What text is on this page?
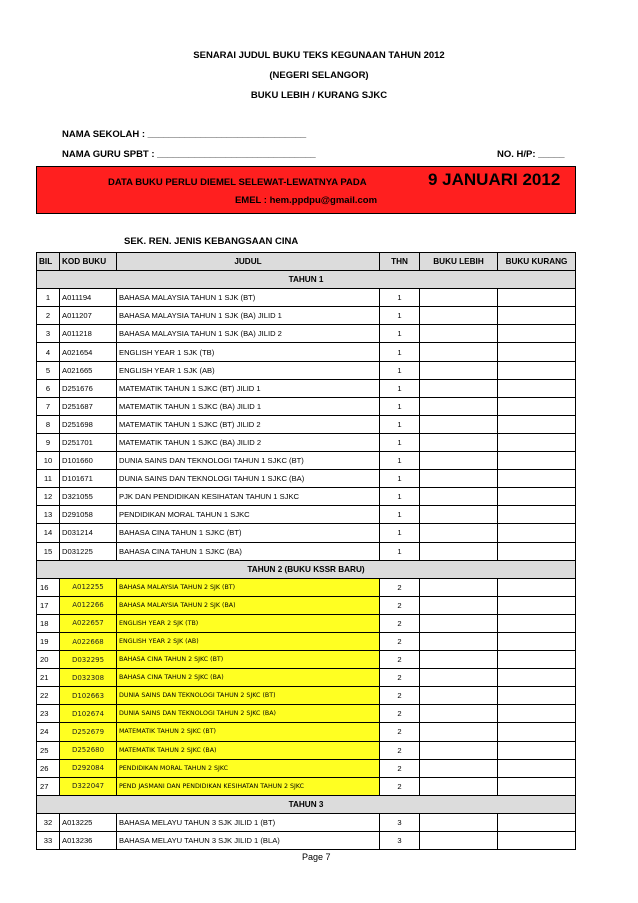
SENARAI JUDUL BUKU TEKS KEGUNAAN TAHUN 2012
(NEGERI SELANGOR)
BUKU LEBIH / KURANG SJKC
NAMA SEKOLAH : ______________________________
NAMA GURU SPBT : ______________________________	NO. H/P: _____
DATA BUKU PERLU DIEMEL SELEWAT-LEWATNYA PADA	9 JANUARI 2012
EMEL : hem.ppdpu@gmail.com
SEK. REN. JENIS KEBANGSAAN CINA
BIL	KOD BUKU	JUDUL	THN	BUKU LEBIH	BUKU KURANG
TAHUN 1					
1	A011194	BAHASA MALAYSIA TAHUN 1 SJK (BT)	1		
2	A011207	BAHASA MALAYSIA TAHUN 1 SJK (BA) JILID 1	1		
3	A011218	BAHASA MALAYSIA TAHUN 1 SJK (BA) JILID 2	1		
4	A021654	ENGLISH YEAR 1 SJK (TB)	1		
5	A021665	ENGLISH YEAR 1 SJK (AB)	1		
6	D251676	MATEMATIK TAHUN 1 SJKC (BT) JILID 1	1		
7	D251687	MATEMATIK TAHUN 1 SJKC (BA) JILID 1	1		
8	D251698	MATEMATIK TAHUN 1 SJKC (BT) JILID 2	1		
9	D251701	MATEMATIK TAHUN 1 SJKC (BA) JILID 2	1		
10	D101660	DUNIA SAINS DAN TEKNOLOGI TAHUN 1 SJKC (BT)	1		
11	D101671	DUNIA SAINS DAN TEKNOLOGI TAHUN 1 SJKC (BA)	1		
12	D321055	PJK DAN PENDIDIKAN KESIHATAN TAHUN 1 SJKC	1		
13	D291058	PENDIDIKAN MORAL TAHUN 1 SJKC	1		
14	D031214	BAHASA CINA TAHUN 1 SJKC (BT)	1		
15	D031225	BAHASA CINA TAHUN 1 SJKC (BA)	1		
TAHUN 2 (BUKU KSSR BARU)					
16	A012255	BAHASA MALAYSIA TAHUN 2 SJK (BT)	2		
17	A012266	BAHASA MALAYSIA TAHUN 2 SJK (BA)	2		
18	A022657	ENGLISH YEAR 2 SJK (TB)	2		
19	A022668	ENGLISH YEAR 2 SJK (AB)	2		
20	D032295	BAHASA CINA TAHUN 2 SJKC (BT)	2		
21	D032308	BAHASA CINA TAHUN 2 SJKC (BA)	2		
22	D102663	DUNIA SAINS DAN TEKNOLOGI TAHUN 2 SJKC (BT)	2		
23	D102674	DUNIA SAINS DAN TEKNOLOGI TAHUN 2 SJKC (BA)	2		
24	D252679	MATEMATIK TAHUN 2 SJKC (BT)	2		
25	D252680	MATEMATIK TAHUN 2 SJKC (BA)	2		
26	D292084	PENDIDIKAN MORAL TAHUN 2 SJKC	2		
27	D322047	PEND JASMANI DAN PENDIDIKAN KESIHATAN TAHUN 2 SJKC	2		
TAHUN 3					
32	A013225	BAHASA MELAYU TAHUN 3 SJK JILID 1 (BT)	3		
33	A013236	BAHASA MELAYU TAHUN 3 SJK JILID 1 (BLA)	3		
Page 7
